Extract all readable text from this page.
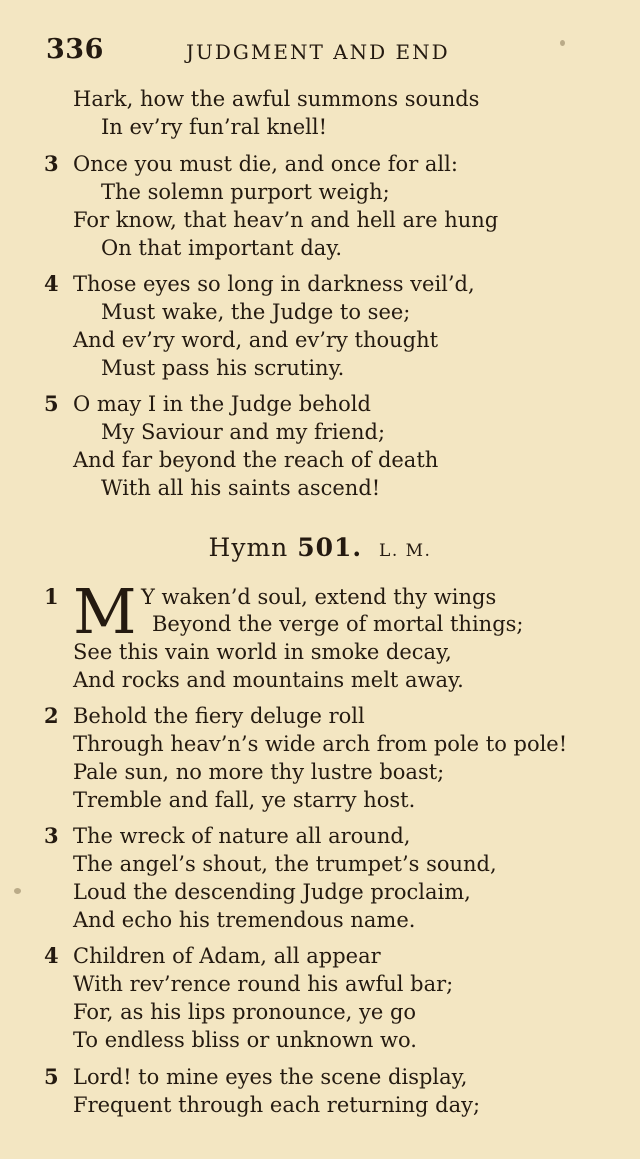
336	JUDGMENT AND END
Hark, how the awful summons sounds
In ev’ry fun’ral knell!
3 Once you must die, and once for all:
The solemn purport weigh;
For know, that heav’n and hell are hung
On that important day.
4 Those eyes so long in darkness veil’d,
Must wake, the Judge to see;
And ev’ry word, and ev’ry thought
Must pass his scrutiny.
5 O may I in the Judge behold
My Saviour and my friend;
And far beyond the reach of death
With all his saints ascend!
Hymn 501. L. M.
1 M Y waken’d soul, extend thy wings
Beyond the verge of mortal things;
See this vain world in smoke decay,
And rocks and mountains melt away.
2 Behold the fiery deluge roll
Through heav’n’s wide arch from pole to pole!
Pale sun, no more thy lustre boast;
Tremble and fall, ye starry host.
3 The wreck of nature all around,
The angel’s shout, the trumpet’s sound,
Loud the descending Judge proclaim,
And echo his tremendous name.
4 Children of Adam, all appear
With rev’rence round his awful bar;
For, as his lips pronounce, ye go
To endless bliss or unknown wo.
5 Lord! to mine eyes the scene display,
Frequent through each returning day;
